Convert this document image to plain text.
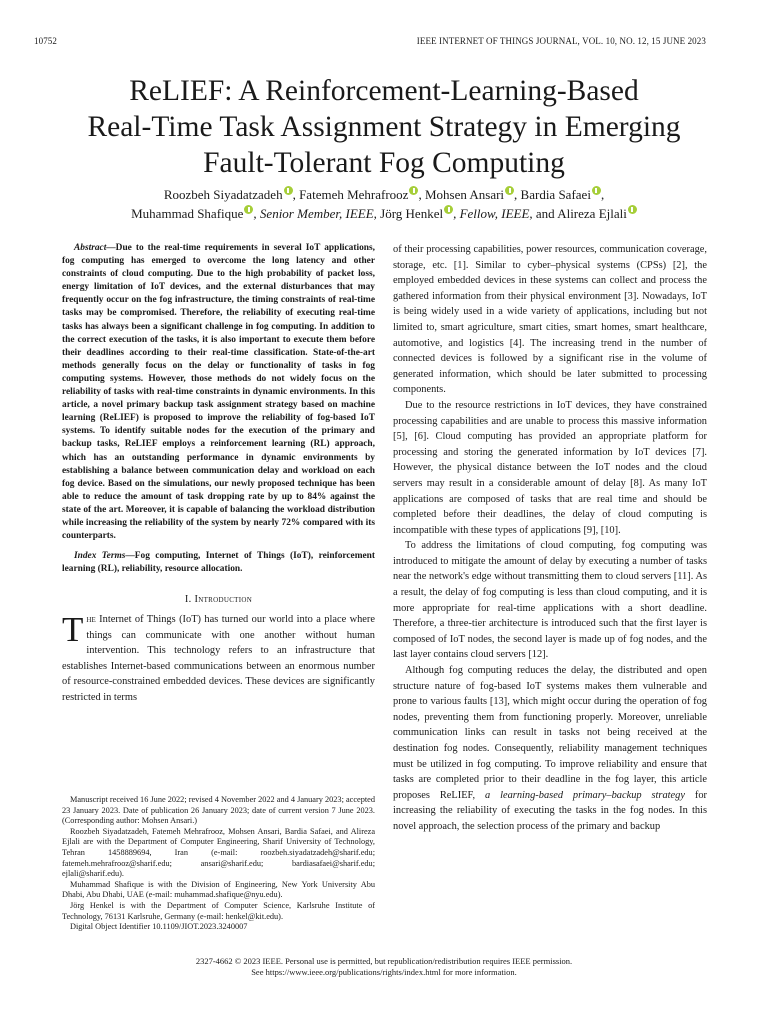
10752	IEEE INTERNET OF THINGS JOURNAL, VOL. 10, NO. 12, 15 JUNE 2023
ReLIEF: A Reinforcement-Learning-Based
Real-Time Task Assignment Strategy in Emerging
Fault-Tolerant Fog Computing
Roozbeh Siyadatzadeh , Fatemeh Mehrafrooz , Mohsen Ansari , Bardia Safaei ,
Muhammad Shafique , Senior Member, IEEE, Jörg Henkel , Fellow, IEEE, and Alireza Ejlali

Abstract—Due to the real-time requirements in several IoT applications, fog computing has emerged to overcome the long latency and other constraints of cloud computing. Due to the high probability of packet loss, energy limitation of IoT devices, and the external disturbances that may frequently occur on the fog infrastructure, the timing constraints of real-time tasks may be compromised. Therefore, the reliability of executing real-time tasks has always been a significant challenge in fog computing. In addition to the correct execution of the tasks, it is also important to execute them before their deadlines according to their real-time classification. State-of-the-art methods generally focus on the delay or functionality of tasks in fog computing systems. However, those methods do not widely focus on the reliability of tasks with real-time constraints in dynamic environments. In this article, a novel primary backup task assignment strategy based on machine learning (ReLIEF) is proposed to improve the reliability of fog-based IoT systems. To identify suitable nodes for the execution of the primary and backup tasks, ReLIEF employs a reinforcement learning (RL) approach, which has an outstanding performance in dynamic environments by establishing a balance between communication delay and workload on each fog device. Based on the simulations, our newly proposed technique has been able to reduce the amount of task dropping rate by up to 84% against the state of the art. Moreover, it is capable of balancing the workload distribution while increasing the reliability of the system by nearly 72% compared with its counterparts.

Index Terms—Fog computing, Internet of Things (IoT), reinforcement learning (RL), reliability, resource allocation.

I. Introduction

The Internet of Things (IoT) has turned our world into a place where things can communicate with one another without human intervention. This technology refers to an infrastructure that establishes Internet-based communications between an enormous number of resource-constrained embedded devices. These devices are significantly restricted in terms

Manuscript received 16 June 2022; revised 4 November 2022 and 4 January 2023; accepted 23 January 2023. Date of publication 26 January 2023; date of current version 7 June 2023. (Corresponding author: Mohsen Ansari.)

Roozbeh Siyadatzadeh, Fatemeh Mehrafrooz, Mohsen Ansari, Bardia Safaei, and Alireza Ejlali are with the Department of Computer Engineering, Sharif University of Technology, Tehran 1458889694, Iran (e-mail: roozbeh.siyadatzadeh@sharif.edu; fatemeh.mehrafrooz@sharif.edu; ansari@sharif.edu; bardiasafaei@sharif.edu; ejlali@sharif.edu).

Muhammad Shafique is with the Division of Engineering, New York University Abu Dhabi, Abu Dhabi, UAE (e-mail: muhammad.shafique@nyu.edu).

Jörg Henkel is with the Department of Computer Science, Karlsruhe Institute of Technology, 76131 Karlsruhe, Germany (e-mail: henkel@kit.edu).

Digital Object Identifier 10.1109/JIOT.2023.3240007

of their processing capabilities, power resources, communication coverage, storage, etc. [1]. Similar to cyber–physical systems (CPSs) [2], the employed embedded devices in these systems can collect and process the gathered information from their physical environment [3]. Nowadays, IoT is being widely used in a wide variety of applications, including but not limited to, smart agriculture, smart cities, smart homes, smart healthcare, automotive, and logistics [4]. The increasing trend in the number of connected devices is followed by a significant rise in the volume of generated information, which should be later submitted to processing components.

Due to the resource restrictions in IoT devices, they have constrained processing capabilities and are unable to process this massive information [5], [6]. Cloud computing has provided an appropriate platform for processing and storing the generated information by IoT devices [7]. However, the physical distance between the IoT nodes and the cloud servers may result in a considerable amount of delay [8]. As many IoT applications are composed of tasks that are real time and should be completed before their deadlines, the delay of cloud computing is incompatible with these types of applications [9], [10].

To address the limitations of cloud computing, fog computing was introduced to mitigate the amount of delay by executing a number of tasks near the network's edge without transmitting them to cloud servers [11]. As a result, the delay of fog computing is less than cloud computing, and it is more appropriate for real-time applications with a short deadline. Therefore, a three-tier architecture is introduced such that the first layer is composed of IoT nodes, the second layer is made up of fog nodes, and the last layer contains cloud servers [12].

Although fog computing reduces the delay, the distributed and open structure nature of fog-based IoT systems makes them vulnerable and prone to various faults [13], which might occur during the operation of fog nodes, preventing them from functioning properly. Moreover, unreliable communication links can result in tasks not being received at the destination fog nodes. Consequently, reliability management techniques must be utilized in fog computing. To improve reliability and ensure that tasks are completed prior to their deadline in the fog layer, this article proposes ReLIEF, a learning-based primary–backup strategy for increasing the reliability of executing the tasks in the fog nodes. In this novel approach, the selection process of the primary and backup

2327-4662 © 2023 IEEE. Personal use is permitted, but republication/redistribution requires IEEE permission.
See https://www.ieee.org/publications/rights/index.html for more information.
